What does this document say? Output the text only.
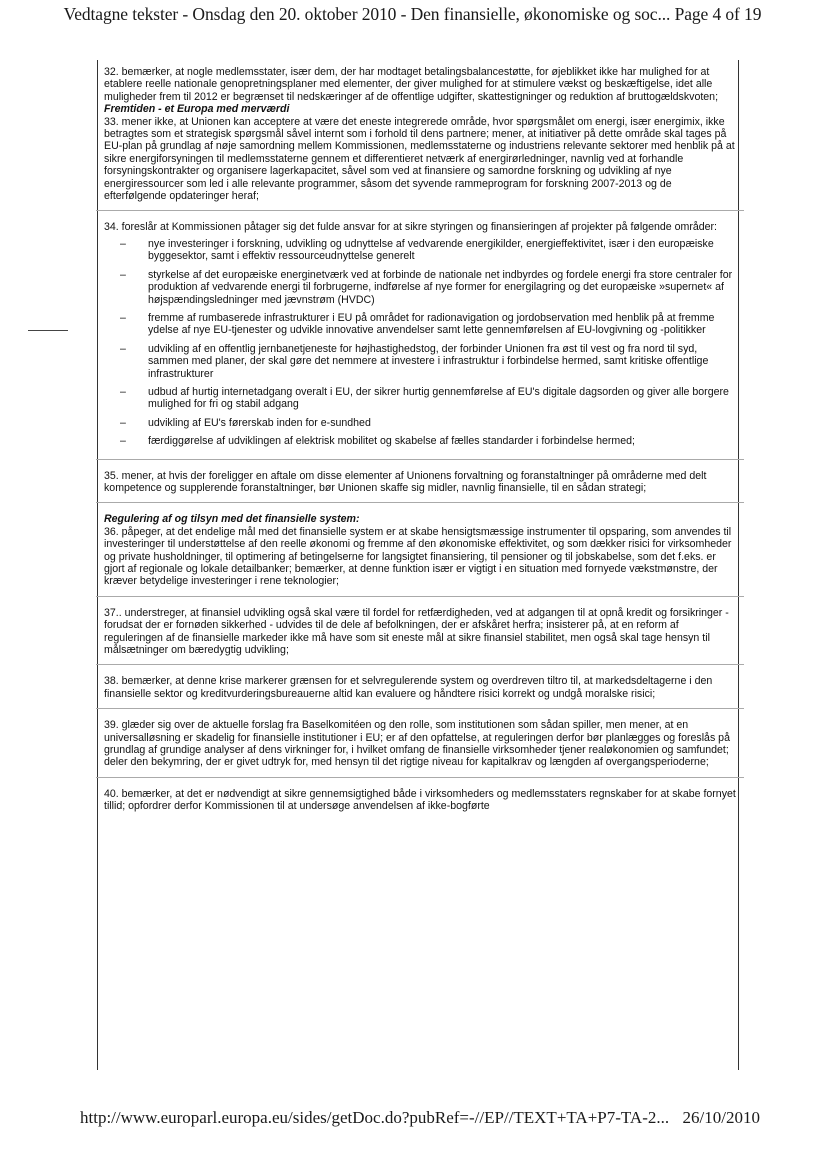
Vedtagne tekster - Onsdag den 20. oktober 2010 - Den finansielle, økonomiske og soc... Page 4 of 19

32. bemærker, at nogle medlemsstater, især dem, der har modtaget betalingsbalancestøtte, for øjeblikket ikke har mulighed for at etablere reelle nationale genopretningsplaner med elementer, der giver mulighed for at stimulere vækst og beskæftigelse, idet alle muligheder frem til 2012 er begrænset til nedskæringer af de offentlige udgifter, skattestigninger og reduktion af bruttogældskvoten;

Fremtiden - et Europa med merværdi

33. mener ikke, at Unionen kan acceptere at være det eneste integrerede område, hvor spørgsmålet om energi, især energimix, ikke betragtes som et strategisk spørgsmål såvel internt som i forhold til dens partnere; mener, at initiativer på dette område skal tages på EU-plan på grundlag af nøje samordning mellem Kommissionen, medlemsstaterne og industriens relevante sektorer med henblik på at sikre energiforsyningen til medlemsstaterne gennem et differentieret netværk af energirørledninger, navnlig ved at forhandle forsyningskontrakter og organisere lagerkapacitet, såvel som ved at finansiere og samordne forskning og udvikling af nye energiressourcer som led i alle relevante programmer, såsom det syvende rammeprogram for forskning 2007-2013 og de efterfølgende opdateringer heraf;

34. foreslår at Kommissionen påtager sig det fulde ansvar for at sikre styringen og finansieringen af projekter på følgende områder:

– nye investeringer i forskning, udvikling og udnyttelse af vedvarende energikilder, energieffektivitet, især i den europæiske byggesektor, samt i effektiv ressourceudnyttelse generelt
– styrkelse af det europæiske energinetværk ved at forbinde de nationale net indbyrdes og fordele energi fra store centraler for produktion af vedvarende energi til forbrugerne, indførelse af nye former for energilagring og det europæiske »supernet« af højspændingsledninger med jævnstrøm (HVDC)
– fremme af rumbaserede infrastrukturer i EU på området for radionavigation og jordobservation med henblik på at fremme ydelse af nye EU-tjenester og udvikle innovative anvendelser samt lette gennemførelsen af EU-lovgivning og -politikker
– udvikling af en offentlig jernbanetjeneste for højhastighedstog, der forbinder Unionen fra øst til vest og fra nord til syd, sammen med planer, der skal gøre det nemmere at investere i infrastruktur i forbindelse hermed, samt kritiske offentlige infrastrukturer
– udbud af hurtig internetadgang overalt i EU, der sikrer hurtig gennemførelse af EU's digitale dagsorden og giver alle borgere mulighed for fri og stabil adgang
– udvikling af EU's førerskab inden for e-sundhed
– færdiggørelse af udviklingen af elektrisk mobilitet og skabelse af fælles standarder i forbindelse hermed;

35. mener, at hvis der foreligger en aftale om disse elementer af Unionens forvaltning og foranstaltninger på områderne med delt kompetence og supplerende foranstaltninger, bør Unionen skaffe sig midler, navnlig finansielle, til en sådan strategi;

Regulering af og tilsyn med det finansielle system:

36. påpeger, at det endelige mål med det finansielle system er at skabe hensigtsmæssige instrumenter til opsparing, som anvendes til investeringer til understøttelse af den reelle økonomi og fremme af den økonomiske effektivitet, og som dækker risici for virksomheder og private husholdninger, til optimering af betingelserne for langsigtet finansiering, til pensioner og til jobskabelse, som det f.eks. er gjort af regionale og lokale detailbanker; bemærker, at denne funktion især er vigtigt i en situation med fornyede vækstmønstre, der kræver betydelige investeringer i rene teknologier;

37.. understreger, at finansiel udvikling også skal være til fordel for retfærdigheden, ved at adgangen til at opnå kredit og forsikringer - forudsat der er fornøden sikkerhed - udvides til de dele af befolkningen, der er afskåret herfra; insisterer på, at en reform af reguleringen af de finansielle markeder ikke må have som sit eneste mål at sikre finansiel stabilitet, men også skal tage hensyn til målsætninger om bæredygtig udvikling;

38. bemærker, at denne krise markerer grænsen for et selvregulerende system og overdreven tiltro til, at markedsdeltagerne i den finansielle sektor og kreditvurderingsbureauerne altid kan evaluere og håndtere risici korrekt og undgå moralske risici;

39. glæder sig over de aktuelle forslag fra Baselkomitéen og den rolle, som institutionen som sådan spiller, men mener, at en universalløsning er skadelig for finansielle institutioner i EU; er af den opfattelse, at reguleringen derfor bør planlægges og foreslås på grundlag af grundige analyser af dens virkninger for, i hvilket omfang de finansielle virksomheder tjener realøkonomien og samfundet; deler den bekymring, der er givet udtryk for, med hensyn til det rigtige niveau for kapitalkrav og længden af overgangsperioderne;

40. bemærker, at det er nødvendigt at sikre gennemsigtighed både i virksomheders og medlemsstaters regnskaber for at skabe fornyet tillid; opfordrer derfor Kommissionen til at undersøge anvendelsen af ikke-bogførte

http://www.europarl.europa.eu/sides/getDoc.do?pubRef=-//EP//TEXT+TA+P7-TA-2... 26/10/2010
